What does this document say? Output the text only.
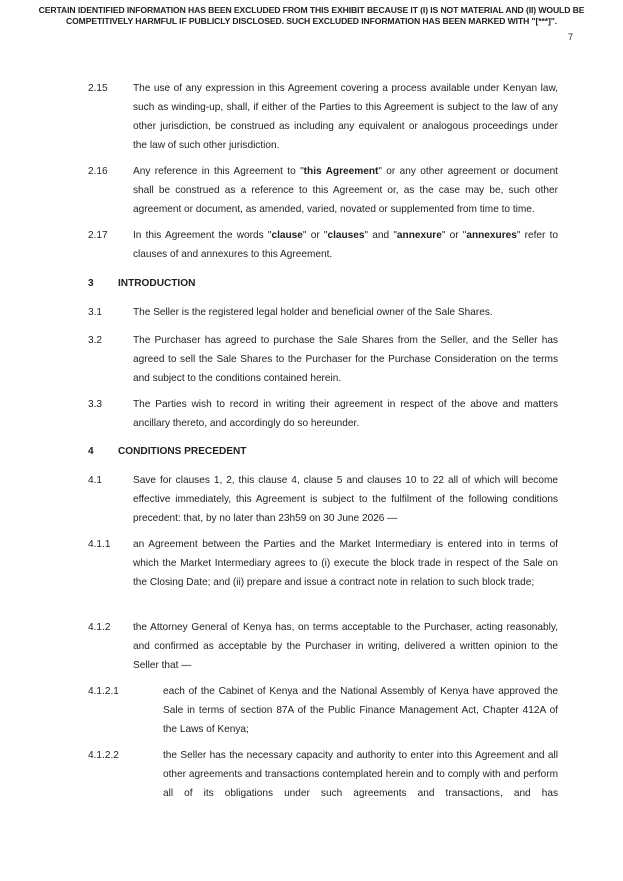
CERTAIN IDENTIFIED INFORMATION HAS BEEN EXCLUDED FROM THIS EXHIBIT BECAUSE IT (I) IS NOT MATERIAL AND (II) WOULD BE COMPETITIVELY HARMFUL IF PUBLICLY DISCLOSED. SUCH EXCLUDED INFORMATION HAS BEEN MARKED WITH "[***]".
7
2.15	The use of any expression in this Agreement covering a process available under Kenyan law, such as winding-up, shall, if either of the Parties to this Agreement is subject to the law of any other jurisdiction, be construed as including any equivalent or analogous proceedings under the law of such other jurisdiction.
2.16	Any reference in this Agreement to "this Agreement" or any other agreement or document shall be construed as a reference to this Agreement or, as the case may be, such other agreement or document, as amended, varied, novated or supplemented from time to time.
2.17	In this Agreement the words "clause" or "clauses" and "annexure" or "annexures" refer to clauses of and annexures to this Agreement.
3 INTRODUCTION
3.1	The Seller is the registered legal holder and beneficial owner of the Sale Shares.
3.2	The Purchaser has agreed to purchase the Sale Shares from the Seller, and the Seller has agreed to sell the Sale Shares to the Purchaser for the Purchase Consideration on the terms and subject to the conditions contained herein.
3.3	The Parties wish to record in writing their agreement in respect of the above and matters ancillary thereto, and accordingly do so hereunder.
4 CONDITIONS PRECEDENT
4.1	Save for clauses 1, 2, this clause 4, clause 5 and clauses 10 to 22 all of which will become effective immediately, this Agreement is subject to the fulfilment of the following conditions precedent: that, by no later than 23h59 on 30 June 2026 —
4.1.1 an Agreement between the Parties and the Market Intermediary is entered into in terms of which the Market Intermediary agrees to (i) execute the block trade in respect of the Sale on the Closing Date; and (ii) prepare and issue a contract note in relation to such block trade;
4.1.2 the Attorney General of Kenya has, on terms acceptable to the Purchaser, acting reasonably, and confirmed as acceptable by the Purchaser in writing, delivered a written opinion to the Seller that —
4.1.2.1	each of the Cabinet of Kenya and the National Assembly of Kenya have approved the Sale in terms of section 87A of the Public Finance Management Act, Chapter 412A of the Laws of Kenya;
4.1.2.2	the Seller has the necessary capacity and authority to enter into this Agreement and all other agreements and transactions contemplated herein and to comply with and perform all of its obligations under such agreements and transactions, and has
